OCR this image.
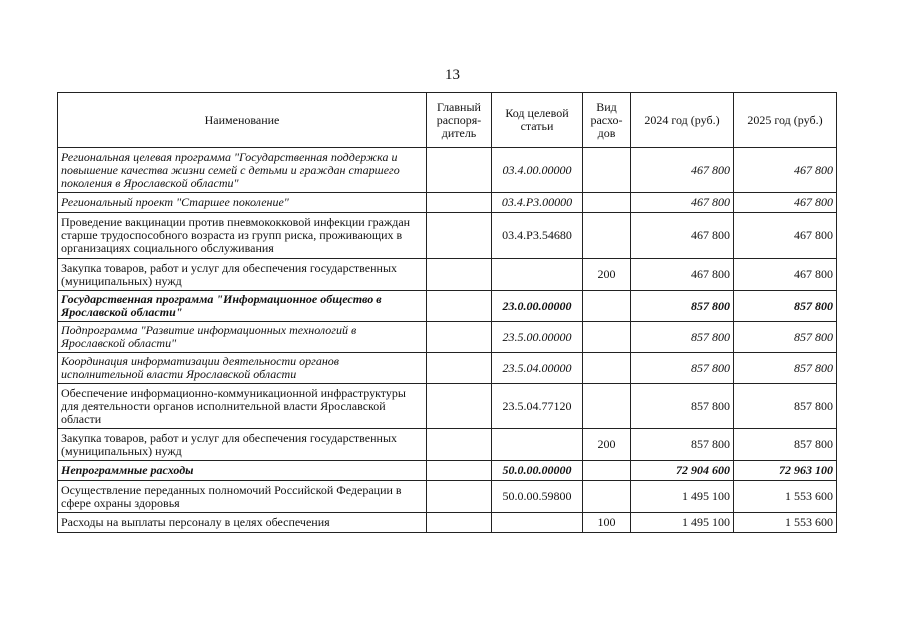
13
Наименование	Главный распоря-дитель	Код целевой статьи	Вид расхо-дов	2024 год (руб.)	2025 год (руб.)
Региональная целевая программа "Государственная поддержка и повышение качества жизни семей с детьми и граждан старшего поколения в Ярославской области"		03.4.00.00000		467 800	467 800
Региональный проект "Старшее поколение"		03.4.Р3.00000		467 800	467 800
Проведение вакцинации против пневмококковой инфекции граждан старше трудоспособного возраста из групп риска, проживающих в организациях социального обслуживания		03.4.Р3.54680		467 800	467 800
Закупка товаров, работ и услуг для обеспечения государственных (муниципальных) нужд			200	467 800	467 800
Государственная программа "Информационное общество в Ярославской области"		23.0.00.00000		857 800	857 800
Подпрограмма "Развитие информационных технологий в Ярославской области"		23.5.00.00000		857 800	857 800
Координация информатизации деятельности органов исполнительной власти Ярославской области		23.5.04.00000		857 800	857 800
Обеспечение информационно-коммуникационной инфраструктуры для деятельности органов исполнительной власти Ярославской области		23.5.04.77120		857 800	857 800
Закупка товаров, работ и услуг для обеспечения государственных (муниципальных) нужд			200	857 800	857 800
Непрограммные расходы		50.0.00.00000		72 904 600	72 963 100
Осуществление переданных полномочий Российской Федерации в сфере охраны здоровья		50.0.00.59800		1 495 100	1 553 600
Расходы на выплаты персоналу в целях обеспечения			100	1 495 100	1 553 600
